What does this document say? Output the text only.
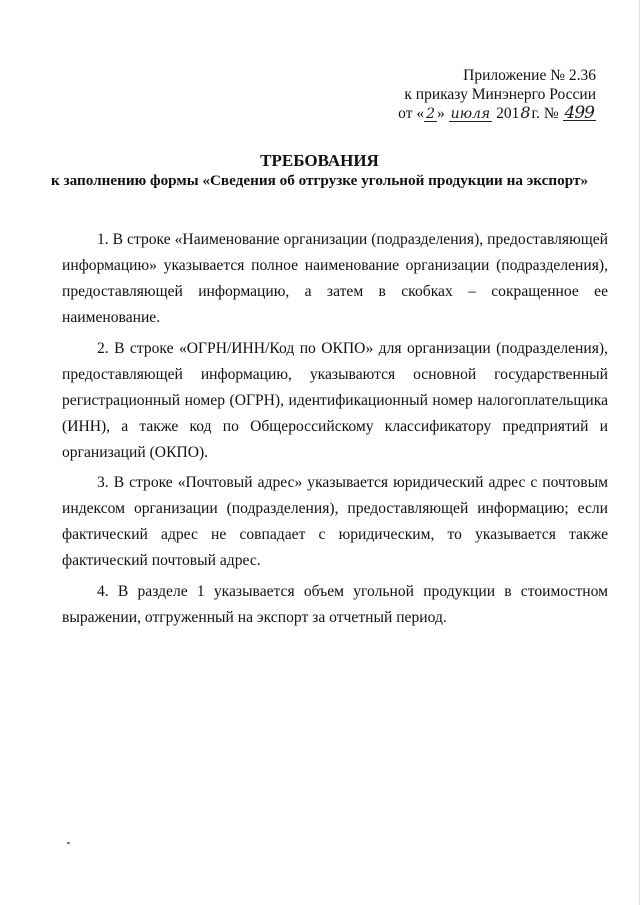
Приложение № 2.36
к приказу Минэнерго России
от « 2 » июля 2018г. № 499
ТРЕБОВАНИЯ
к заполнению формы «Сведения об отгрузке угольной продукции на экспорт»

1. В строке «Наименование организации (подразделения), предоставляющей информацию» указывается полное наименование организации (подразделения), предоставляющей информацию, а затем в скобках – сокращенное ее наименование.

2. В строке «ОГРН/ИНН/Код по ОКПО» для организации (подразделения), предоставляющей информацию, указываются основной государственный регистрационный номер (ОГРН), идентификационный номер налогоплательщика (ИНН), а также код по Общероссийскому классификатору предприятий и организаций (ОКПО).

3. В строке «Почтовый адрес» указывается юридический адрес с почтовым индексом организации (подразделения), предоставляющей информацию; если фактический адрес не совпадает с юридическим, то указывается также фактический почтовый адрес.

4. В разделе 1 указывается объем угольной продукции в стоимостном выражении, отгруженный на экспорт за отчетный период.
